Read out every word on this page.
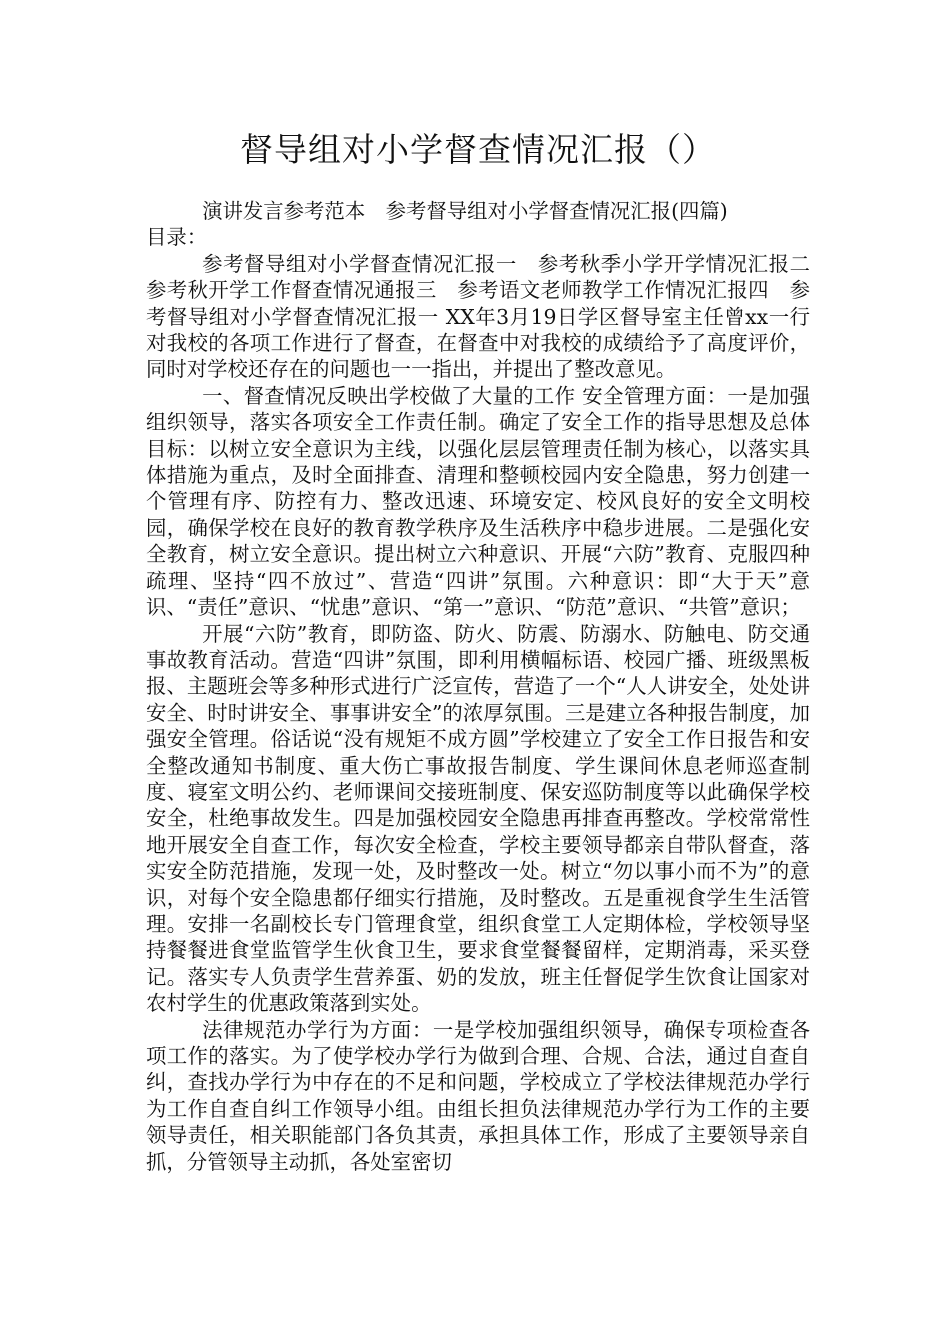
督导组对小学督查情况汇报（）

演讲发言参考范本　参考督导组对小学督查情况汇报(四篇)

目录：

参考督导组对小学督查情况汇报一　参考秋季小学开学情况汇报二　参考秋开学工作督查情况通报三　参考语文老师教学工作情况汇报四　参考督导组对小学督查情况汇报一 XX年3月19日学区督导室主任曾xx一行对我校的各项工作进行了督查，在督查中对我校的成绩给予了高度评价，同时对学校还存在的问题也一一指出，并提出了整改意见。

一、督查情况反映出学校做了大量的工作 安全管理方面：一是加强组织领导，落实各项安全工作责任制。确定了安全工作的指导思想及总体目标：以树立安全意识为主线，以强化层层管理责任制为核心，以落实具体措施为重点，及时全面排查、清理和整顿校园内安全隐患，努力创建一个管理有序、防控有力、整改迅速、环境安定、校风良好的安全文明校园，确保学校在良好的教育教学秩序及生活秩序中稳步进展。二是强化安全教育，树立安全意识。提出树立六种意识、开展“六防”教育、克服四种疏理、坚持“四不放过”、营造“四讲”氛围。六种意识：即“大于天”意识、“责任”意识、“忧患”意识、“第一”意识、“防范”意识、“共管”意识；

开展“六防”教育，即防盗、防火、防震、防溺水、防触电、防交通事故教育活动。营造“四讲”氛围，即利用横幅标语、校园广播、班级黑板报、主题班会等多种形式进行广泛宣传，营造了一个“人人讲安全，处处讲安全、时时讲安全、事事讲安全”的浓厚氛围。三是建立各种报告制度，加强安全管理。俗话说“没有规矩不成方圆”学校建立了安全工作日报告和安全整改通知书制度、重大伤亡事故报告制度、学生课间休息老师巡查制度、寝室文明公约、老师课间交接班制度、保安巡防制度等以此确保学校安全，杜绝事故发生。四是加强校园安全隐患再排查再整改。学校常常性地开展安全自查工作，每次安全检查，学校主要领导都亲自带队督查，落实安全防范措施，发现一处，及时整改一处。树立“勿以事小而不为”的意识，对每个安全隐患都仔细实行措施，及时整改。五是重视食学生生活管理。安排一名副校长专门管理食堂，组织食堂工人定期体检，学校领导坚持餐餐进食堂监管学生伙食卫生，要求食堂餐餐留样，定期消毒，采买登记。落实专人负责学生营养蛋、奶的发放，班主任督促学生饮食让国家对农村学生的优惠政策落到实处。

法律规范办学行为方面：一是学校加强组织领导，确保专项检查各项工作的落实。为了使学校办学行为做到合理、合规、合法，通过自查自纠，查找办学行为中存在的不足和问题，学校成立了学校法律规范办学行为工作自查自纠工作领导小组。由组长担负法律规范办学行为工作的主要领导责任，相关职能部门各负其责，承担具体工作，形成了主要领导亲自抓，分管领导主动抓，各处室密切
